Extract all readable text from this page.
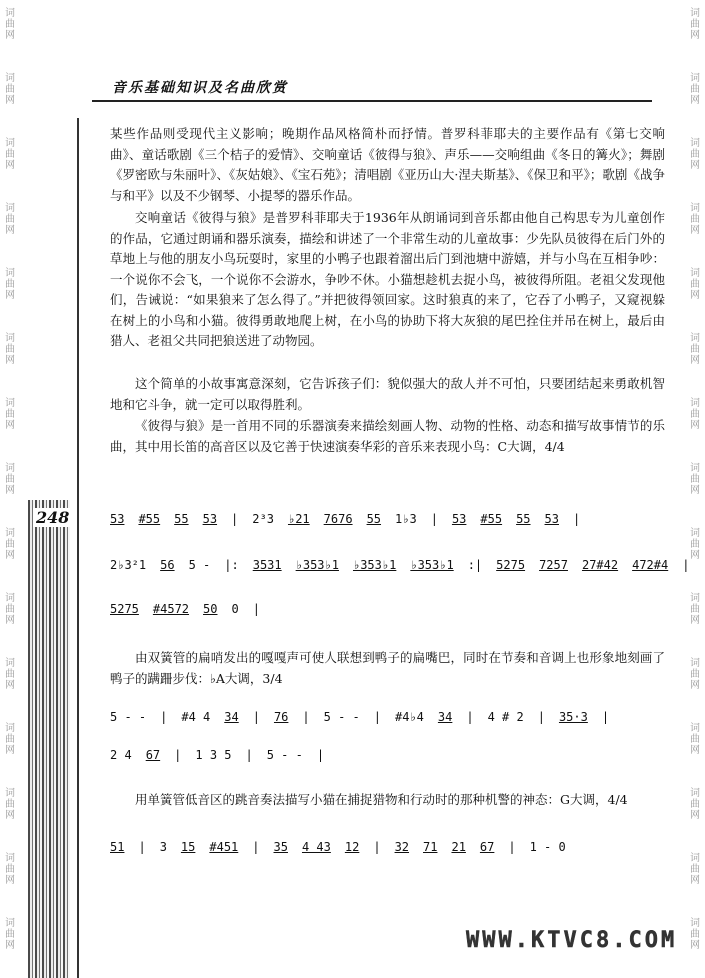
词
曲
网
词
曲
网
词
曲
网
词
曲
网
词
曲
网
词
曲
网
词
曲
网
词
曲
网
词
曲
网
词
曲
网
词
曲
网
词
曲
网
词
曲
网
词
曲
网
词
曲
网
词
曲
网
词
曲
网
词
曲
网
词
曲
网
词
曲
网
词
曲
网
词
曲
网
词
曲
网
词
曲
网
词
曲
网
词
曲
网
词
曲
网
词
曲
网
词
曲
网
词
曲
网
音乐基础知识及名曲欣赏
某些作品则受现代主义影响；晚期作品风格简朴而抒情。普罗科菲耶夫的主要作品有《第七交响曲》、童话歌剧《三个桔子的爱情》、交响童话《彼得与狼》、声乐——交响组曲《冬日的篝火》；舞剧《罗密欧与朱丽叶》、《灰姑娘》、《宝石苑》；清唱剧《亚历山大·涅夫斯基》、《保卫和平》；歌剧《战争与和平》以及不少钢琴、小提琴的器乐作品。
交响童话《彼得与狼》是普罗科菲耶夫于1936年从朗诵词到音乐都由他自己构思专为儿童创作的作品，它通过朗诵和器乐演奏，描绘和讲述了一个非常生动的儿童故事：少先队员彼得在后门外的草地上与他的朋友小鸟玩耍时，家里的小鸭子也跟着溜出后门到池塘中游嬉，并与小鸟在互相争吵：一个说你不会飞，一个说你不会游水，争吵不休。小猫想趁机去捉小鸟，被彼得所阻。老祖父发现他们，告诫说：“如果狼来了怎么得了。”并把彼得领回家。这时狼真的来了，它吞了小鸭子，又窥视躲在树上的小鸟和小猫。彼得勇敢地爬上树，在小鸟的协助下将大灰狼的尾巴拴住并吊在树上，最后由猎人、老祖父共同把狼送进了动物园。
这个简单的小故事寓意深刻，它告诉孩子们：貌似强大的敌人并不可怕，只要团结起来勇敢机智地和它斗争，就一定可以取得胜利。
《彼得与狼》是一首用不同的乐器演奏来描绘刻画人物、动物的性格、动态和描写故事情节的乐曲，其中用长笛的高音区以及它善于快速演奏华彩的音乐来表现小鸟：C大调，4/4
248	53 #55 55 53 | 2³3 ♭21 7676 55 1♭3 | 53 #55 55 53 |
2♭3²1 56 5 - |: 3531 ♭353♭1 ♭353♭1 ♭353♭1 :| 5275 7257 27#42 472#4 |
5275 #4572 50 0 |
由双簧管的扁哨发出的嘎嘎声可使人联想到鸭子的扁嘴巴，同时在节奏和音调上也形象地刻画了鸭子的蹒跚步伐：♭A大调，3/4
5 - - | #4 4 34 | 76 | 5 - - | #4♭4 34 | 4 # 2 | 35·3 |
2 4 67 | 1 3 5 | 5 - - |
用单簧管低音区的跳音奏法描写小猫在捕捉猎物和行动时的那种机警的神态：G大调，4/4
51 | 3 15 #451 | 35 4 43 12 | 32 71 21 67 | 1 - 0
WWW.KTVC8.COM
